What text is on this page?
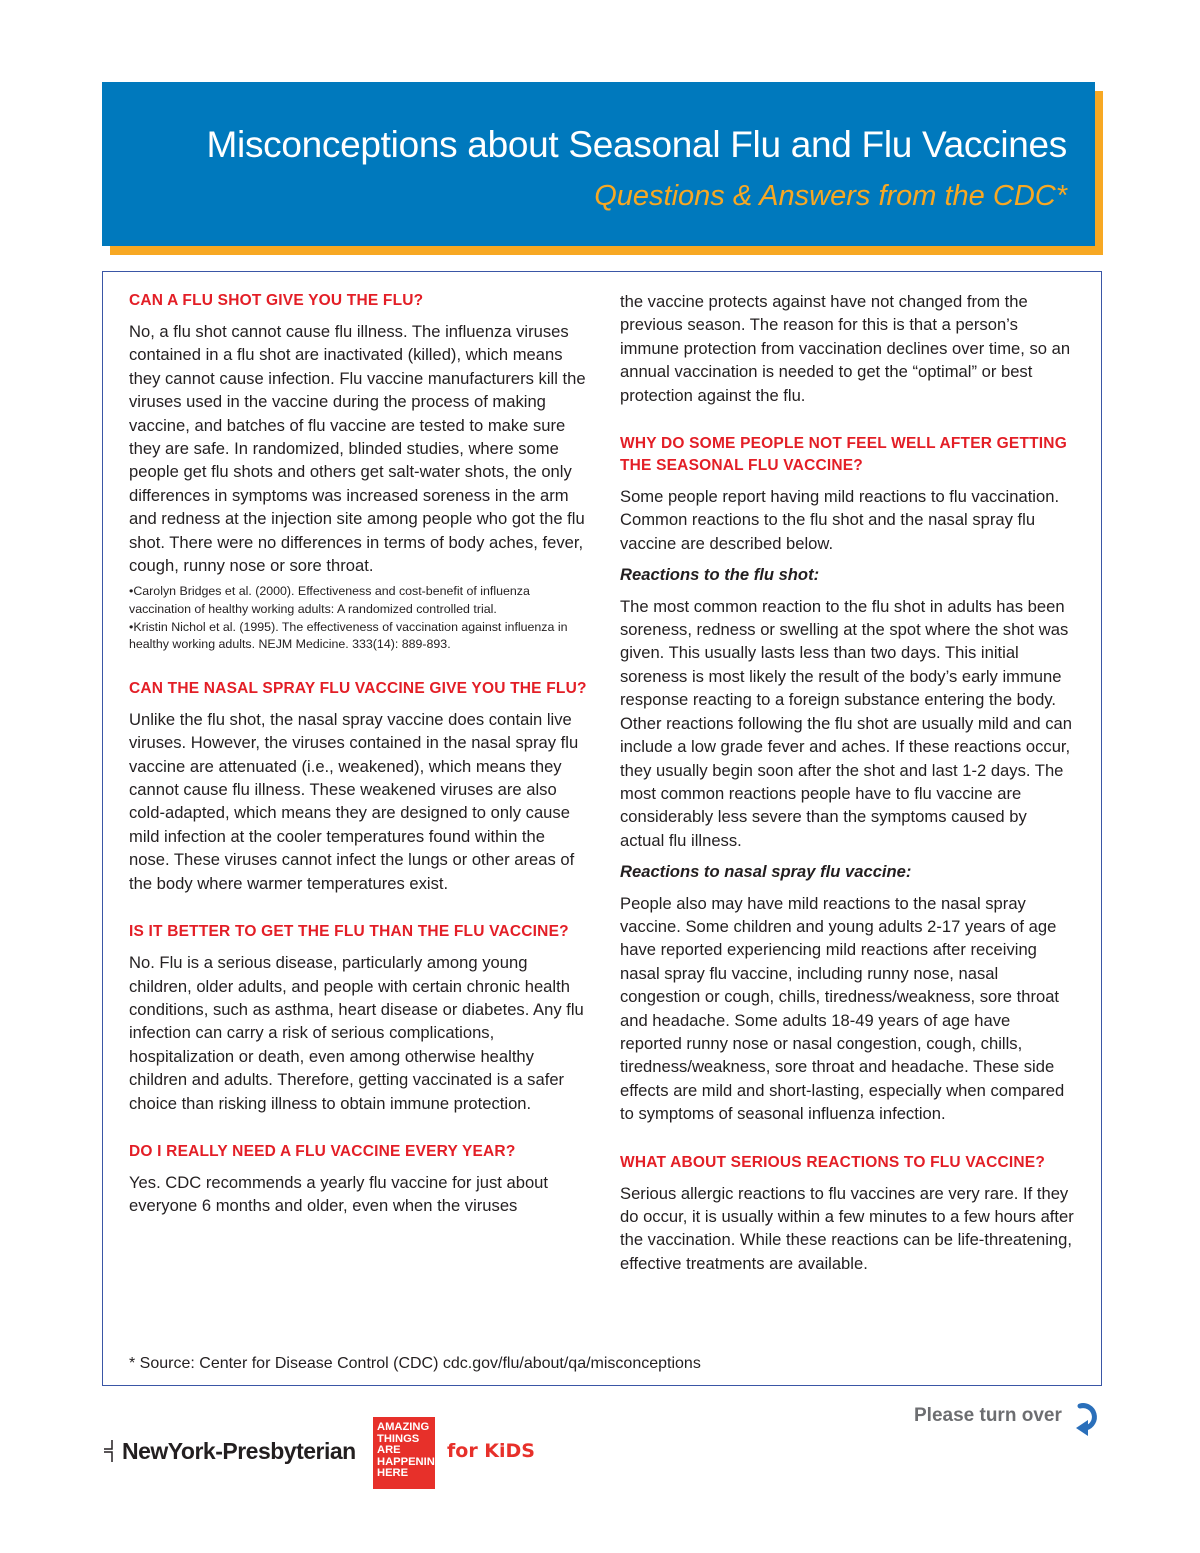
Misconceptions about Seasonal Flu and Flu Vaccines
Questions & Answers from the CDC*
CAN A FLU SHOT GIVE YOU THE FLU?

No, a flu shot cannot cause flu illness. The influenza viruses contained in a flu shot are inactivated (killed), which means they cannot cause infection. Flu vaccine manufacturers kill the viruses used in the vaccine during the process of making vaccine, and batches of flu vaccine are tested to make sure they are safe. In randomized, blinded studies, where some people get flu shots and others get salt-water shots, the only differences in symptoms was increased soreness in the arm and redness at the injection site among people who got the flu shot. There were no differences in terms of body aches, fever, cough, runny nose or sore throat.

•Carolyn Bridges et al. (2000). Effectiveness and cost-benefit of influenza vaccination of healthy working adults: A randomized controlled trial.
•Kristin Nichol et al. (1995). The effectiveness of vaccination against influenza in healthy working adults. NEJM Medicine. 333(14): 889-893.
CAN THE NASAL SPRAY FLU VACCINE GIVE YOU THE FLU?

Unlike the flu shot, the nasal spray vaccine does contain live viruses. However, the viruses contained in the nasal spray flu vaccine are attenuated (i.e., weakened), which means they cannot cause flu illness. These weakened viruses are also cold-adapted, which means they are designed to only cause mild infection at the cooler temperatures found within the nose. These viruses cannot infect the lungs or other areas of the body where warmer temperatures exist.

IS IT BETTER TO GET THE FLU THAN THE FLU VACCINE?

No. Flu is a serious disease, particularly among young children, older adults, and people with certain chronic health conditions, such as asthma, heart disease or diabetes. Any flu infection can carry a risk of serious complications, hospitalization or death, even among otherwise healthy children and adults. Therefore, getting vaccinated is a safer choice than risking illness to obtain immune protection.

DO I REALLY NEED A FLU VACCINE EVERY YEAR?

Yes. CDC recommends a yearly flu vaccine for just about everyone 6 months and older, even when the viruses

the vaccine protects against have not changed from the previous season. The reason for this is that a person’s immune protection from vaccination declines over time, so an annual vaccination is needed to get the “optimal” or best protection against the flu.

WHY DO SOME PEOPLE NOT FEEL WELL AFTER GETTING THE SEASONAL FLU VACCINE?

Some people report having mild reactions to flu vaccination. Common reactions to the flu shot and the nasal spray flu vaccine are described below.

Reactions to the flu shot:

The most common reaction to the flu shot in adults has been soreness, redness or swelling at the spot where the shot was given. This usually lasts less than two days. This initial soreness is most likely the result of the body’s early immune response reacting to a foreign substance entering the body. Other reactions following the flu shot are usually mild and can include a low grade fever and aches. If these reactions occur, they usually begin soon after the shot and last 1-2 days. The most common reactions people have to flu vaccine are considerably less severe than the symptoms caused by actual flu illness.

Reactions to nasal spray flu vaccine:

People also may have mild reactions to the nasal spray vaccine. Some children and young adults 2-17 years of age have reported experiencing mild reactions after receiving nasal spray flu vaccine, including runny nose, nasal congestion or cough, chills, tiredness/weakness, sore throat and headache. Some adults 18-49 years of age have reported runny nose or nasal congestion, cough, chills, tiredness/weakness, sore throat and headache. These side effects are mild and short-lasting, especially when compared to symptoms of seasonal influenza infection.

WHAT ABOUT SERIOUS REACTIONS TO FLU VACCINE?

Serious allergic reactions to flu vaccines are very rare. If they do occur, it is usually within a few minutes to a few hours after the vaccination. While these reactions can be life-threatening, effective treatments are available.

* Source: Center for Disease Control (CDC) cdc.gov/flu/about/qa/misconceptions
Please turn over
NewYork-Presbyterian
AMAZING
THINGS
ARE
HAPPENING
HERE
for KiDS
